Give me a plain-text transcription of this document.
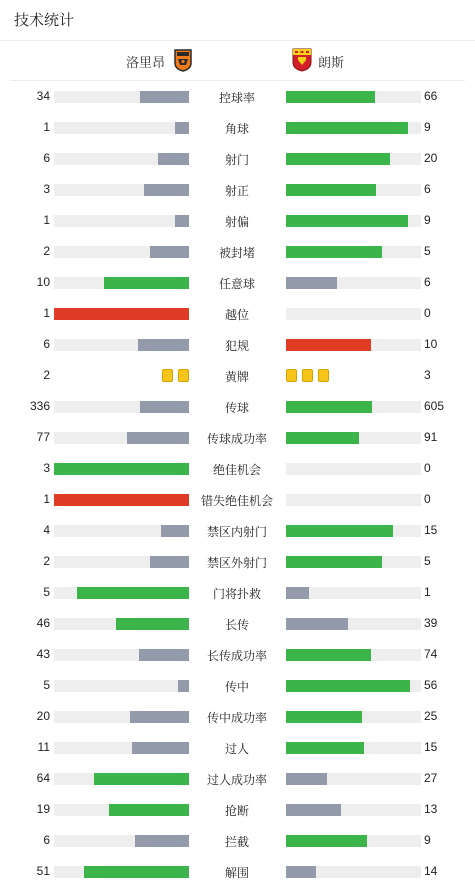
技术统计
洛里昂	朗斯
34	控球率	66
1	角球	9
6	射门	20
3	射正	6
1	射偏	9
2	被封堵	5
10	任意球	6
1	越位	0
6	犯规	10
2	黄牌	3
336	传球	605
77	传球成功率	91
3	绝佳机会	0
1	错失绝佳机会	0
4	禁区内射门	15
2	禁区外射门	5
5	门将扑救	1
46	长传	39
43	长传成功率	74
5	传中	56
20	传中成功率	25
11	过人	15
64	过人成功率	27
19	抢断	13
6	拦截	9
51	解围	14
